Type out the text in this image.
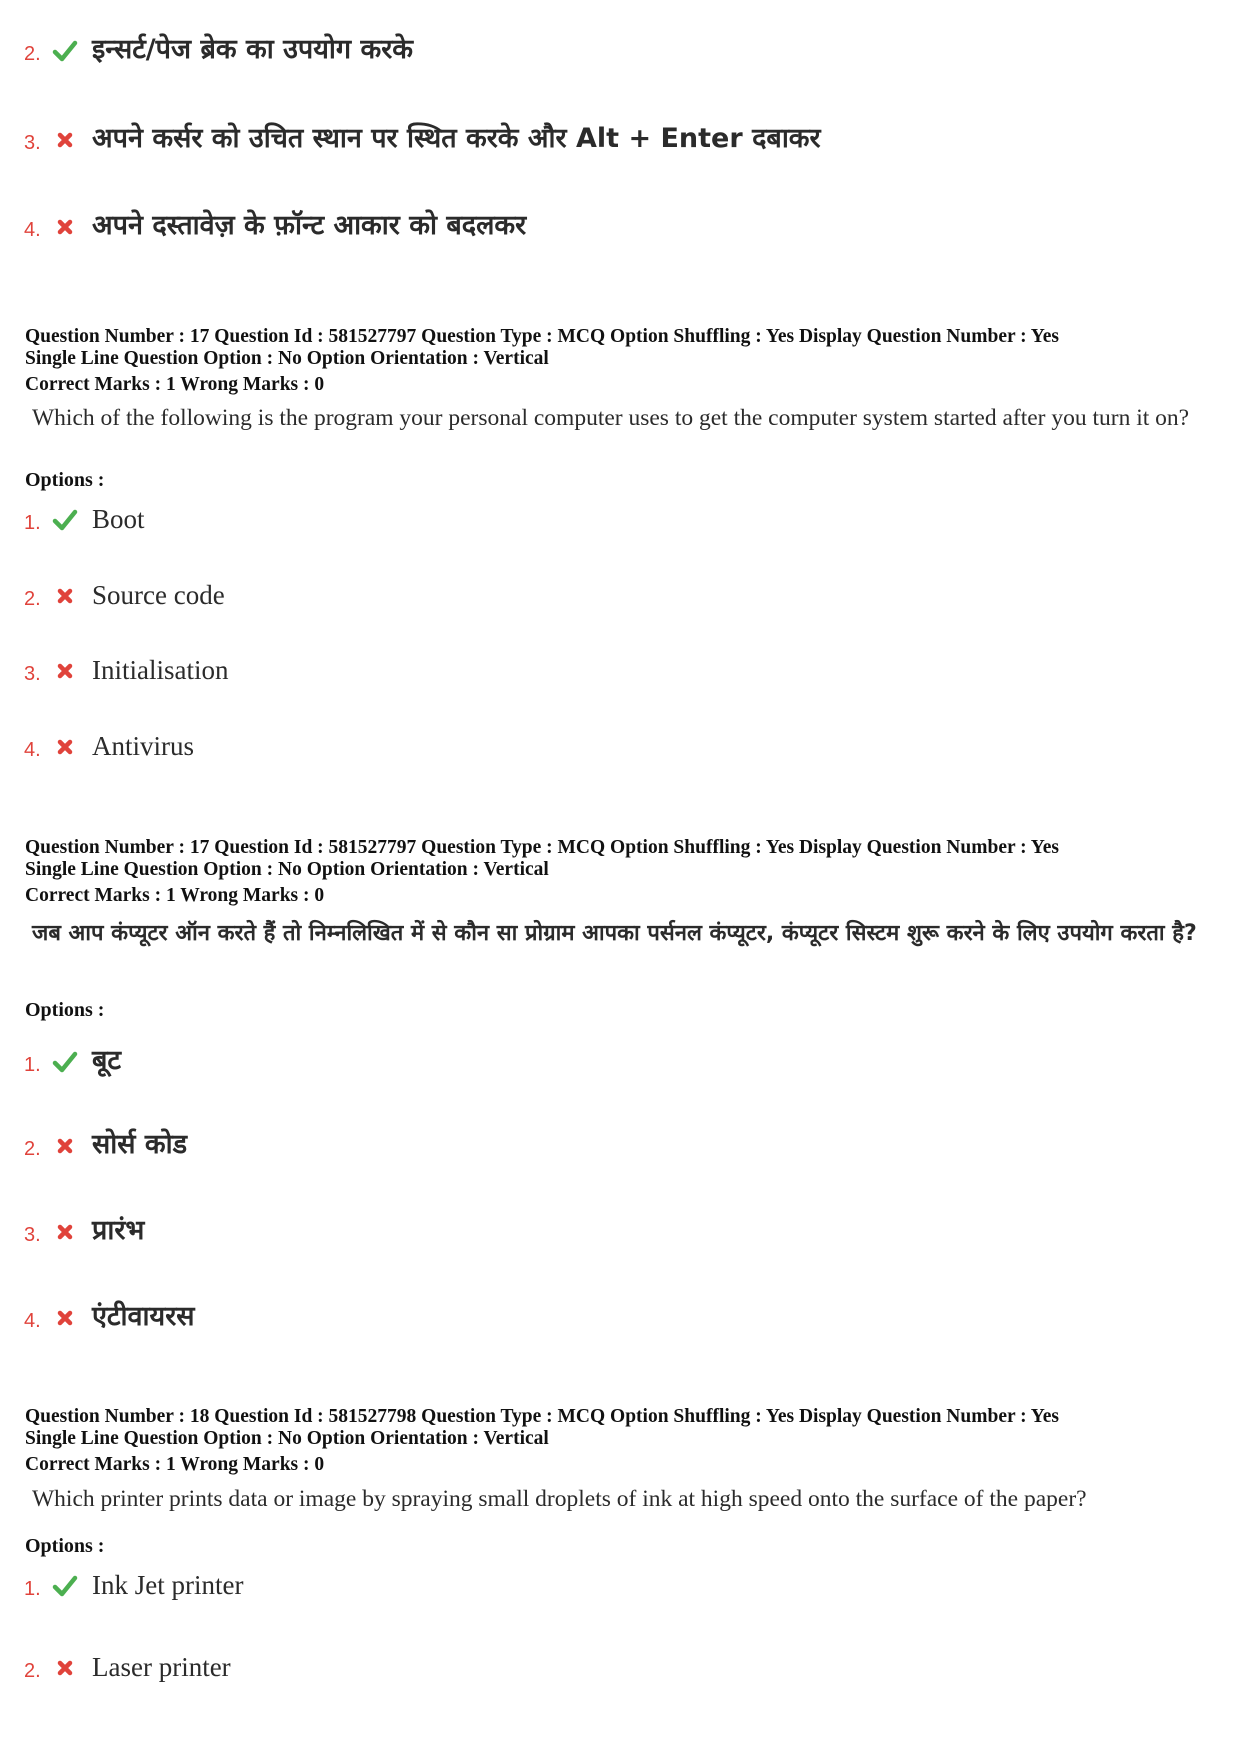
2. इन्सर्ट/पेज ब्रेक का उपयोग करके
3. अपने कर्सर को उचित स्थान पर स्थित करके और Alt + Enter दबाकर
4. अपने दस्तावेज़ के फ़ॉन्ट आकार को बदलकर
Question Number : 17 Question Id : 581527797 Question Type : MCQ Option Shuffling : Yes Display Question Number : Yes
Single Line Question Option : No Option Orientation : Vertical
Correct Marks : 1 Wrong Marks : 0
Which of the following is the program your personal computer uses to get the computer system started after you turn it on?
Options :
1. Boot
2. Source code
3. Initialisation
4. Antivirus
Question Number : 17 Question Id : 581527797 Question Type : MCQ Option Shuffling : Yes Display Question Number : Yes
Single Line Question Option : No Option Orientation : Vertical
Correct Marks : 1 Wrong Marks : 0
जब आप कंप्यूटर ऑन करते हैं तो निम्नलिखित में से कौन सा प्रोग्राम आपका पर्सनल कंप्यूटर, कंप्यूटर सिस्टम शुरू करने के लिए उपयोग करता है?
Options :
1. बूट
2. सोर्स कोड
3. प्रारंभ
4. एंटीवायरस
Question Number : 18 Question Id : 581527798 Question Type : MCQ Option Shuffling : Yes Display Question Number : Yes
Single Line Question Option : No Option Orientation : Vertical
Correct Marks : 1 Wrong Marks : 0
Which printer prints data or image by spraying small droplets of ink at high speed onto the surface of the paper?
Options :
1. Ink Jet printer
2. Laser printer
